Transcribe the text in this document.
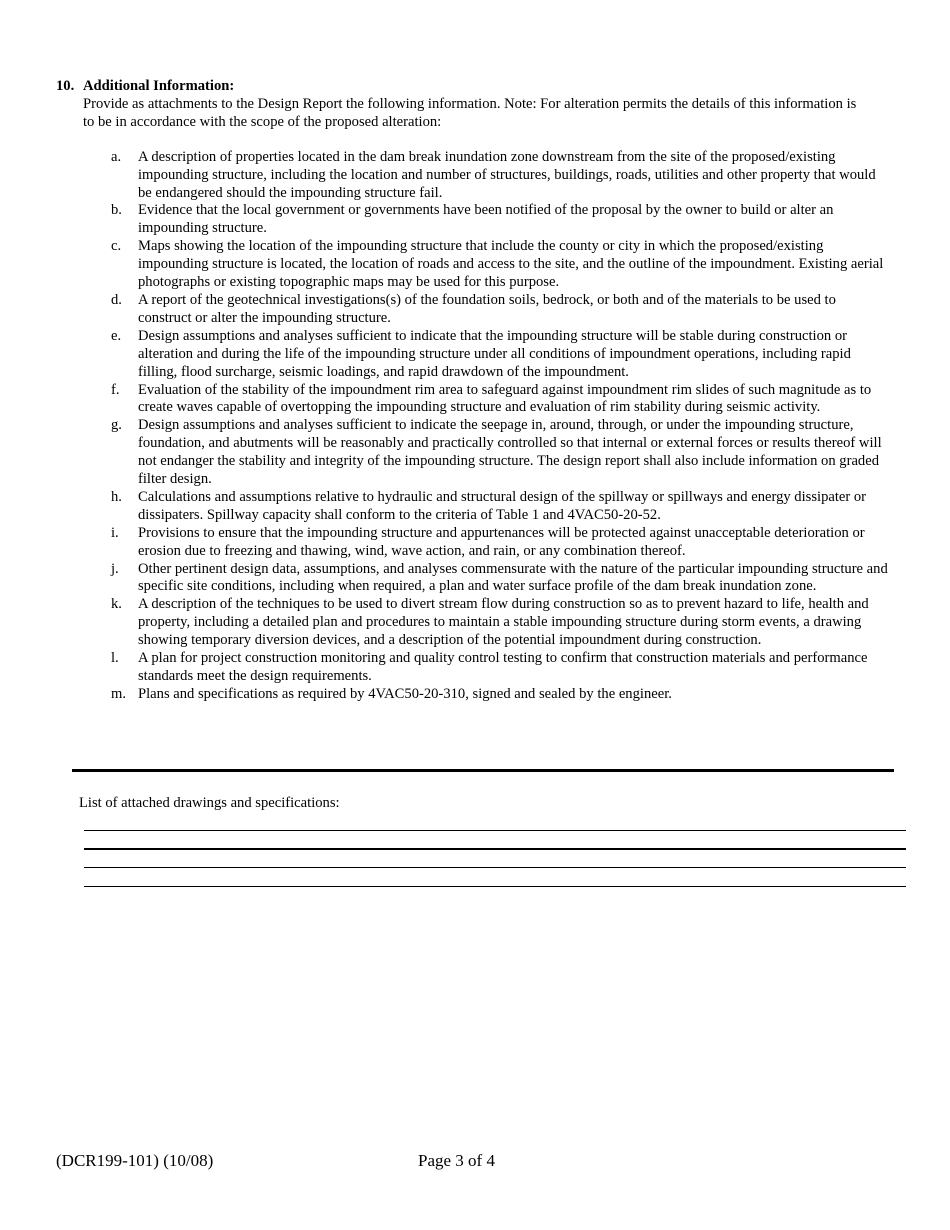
10. Additional Information:

Provide as attachments to the Design Report the following information. Note: For alteration permits the details of this information is to be in accordance with the scope of the proposed alteration:

a.	A description of properties located in the dam break inundation zone downstream from the site of the proposed/existing impounding structure, including the location and number of structures, buildings, roads, utilities and other property that would be endangered should the impounding structure fail.
b.	Evidence that the local government or governments have been notified of the proposal by the owner to build or alter an impounding structure.
c.	Maps showing the location of the impounding structure that include the county or city in which the proposed/existing impounding structure is located, the location of roads and access to the site, and the outline of the impoundment. Existing aerial photographs or existing topographic maps may be used for this purpose.
d.	A report of the geotechnical investigations(s) of the foundation soils, bedrock, or both and of the materials to be used to construct or alter the impounding structure.
e.	Design assumptions and analyses sufficient to indicate that the impounding structure will be stable during construction or alteration and during the life of the impounding structure under all conditions of impoundment operations, including rapid filling, flood surcharge, seismic loadings, and rapid drawdown of the impoundment.
f.	Evaluation of the stability of the impoundment rim area to safeguard against impoundment rim slides of such magnitude as to create waves capable of overtopping the impounding structure and evaluation of rim stability during seismic activity.
g.	Design assumptions and analyses sufficient to indicate the seepage in, around, through, or under the impounding structure, foundation, and abutments will be reasonably and practically controlled so that internal or external forces or results thereof will not endanger the stability and integrity of the impounding structure. The design report shall also include information on graded filter design.
h.	Calculations and assumptions relative to hydraulic and structural design of the spillway or spillways and energy dissipater or dissipaters. Spillway capacity shall conform to the criteria of Table 1 and 4VAC50-20-52.
i.	Provisions to ensure that the impounding structure and appurtenances will be protected against unacceptable deterioration or erosion due to freezing and thawing, wind, wave action, and rain, or any combination thereof.
j.	Other pertinent design data, assumptions, and analyses commensurate with the nature of the particular impounding structure and specific site conditions, including when required, a plan and water surface profile of the dam break inundation zone.
k.	A description of the techniques to be used to divert stream flow during construction so as to prevent hazard to life, health and property, including a detailed plan and procedures to maintain a stable impounding structure during storm events, a drawing showing temporary diversion devices, and a description of the potential impoundment during construction.
l.	A plan for project construction monitoring and quality control testing to confirm that construction materials and performance standards meet the design requirements.
m. Plans and specifications as required by 4VAC50-20-310, signed and sealed by the engineer.

List of attached drawings and specifications:

(DCR199-101) (10/08)	Page 3 of 4
